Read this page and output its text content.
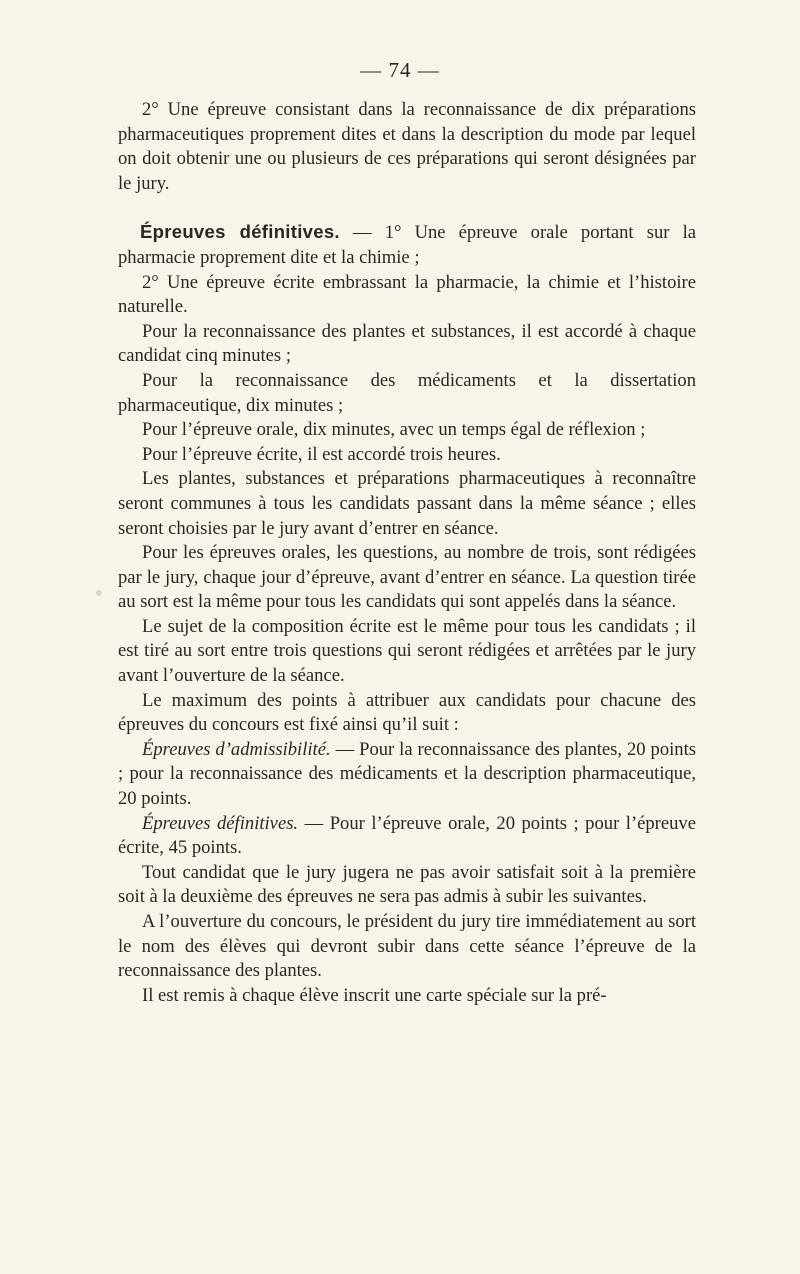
— 74 —

2° Une épreuve consistant dans la reconnaissance de dix préparations pharmaceutiques proprement dites et dans la description du mode par lequel on doit obtenir une ou plusieurs de ces préparations qui seront désignées par le jury.

Épreuves définitives. — 1° Une épreuve orale portant sur la pharmacie proprement dite et la chimie ;

2° Une épreuve écrite embrassant la pharmacie, la chimie et l’histoire naturelle.

Pour la reconnaissance des plantes et substances, il est accordé à chaque candidat cinq minutes ;

Pour la reconnaissance des médicaments et la dissertation pharmaceutique, dix minutes ;

Pour l’épreuve orale, dix minutes, avec un temps égal de réflexion ;

Pour l’épreuve écrite, il est accordé trois heures.

Les plantes, substances et préparations pharmaceutiques à reconnaître seront communes à tous les candidats passant dans la même séance ; elles seront choisies par le jury avant d’entrer en séance.

Pour les épreuves orales, les questions, au nombre de trois, sont rédigées par le jury, chaque jour d’épreuve, avant d’entrer en séance. La question tirée au sort est la même pour tous les candidats qui sont appelés dans la séance.

Le sujet de la composition écrite est le même pour tous les candidats ; il est tiré au sort entre trois questions qui seront rédigées et arrêtées par le jury avant l’ouverture de la séance.

Le maximum des points à attribuer aux candidats pour chacune des épreuves du concours est fixé ainsi qu’il suit :

Épreuves d’admissibilité. — Pour la reconnaissance des plantes, 20 points ; pour la reconnaissance des médicaments et la description pharmaceutique, 20 points.

Épreuves définitives. — Pour l’épreuve orale, 20 points ; pour l’épreuve écrite, 45 points.

Tout candidat que le jury jugera ne pas avoir satisfait soit à la première soit à la deuxième des épreuves ne sera pas admis à subir les suivantes.

A l’ouverture du concours, le président du jury tire immédiatement au sort le nom des élèves qui devront subir dans cette séance l’épreuve de la reconnaissance des plantes.

Il est remis à chaque élève inscrit une carte spéciale sur la pré-
